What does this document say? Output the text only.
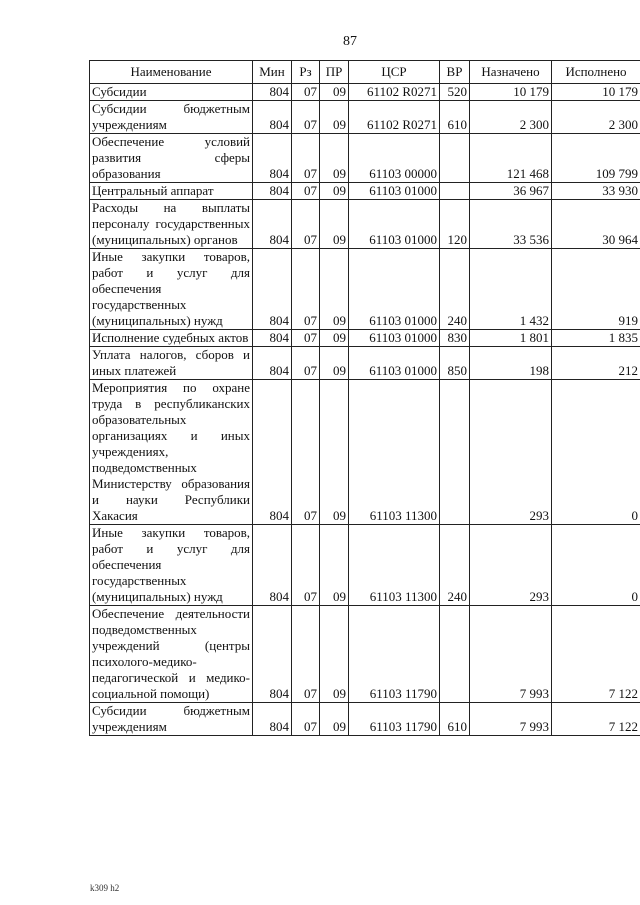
87
Наименование	Мин	Рз	ПР	ЦСР	ВР	Назначено	Исполнено
Субсидии	804	07	09	61102 R0271	520	10 179	10 179
Субсидии бюджетным учреждениям	804	07	09	61102 R0271	610	2 300	2 300
Обеспечение условий развития сферы образования	804	07	09	61103 00000		121 468	109 799
Центральный аппарат	804	07	09	61103 01000		36 967	33 930
Расходы на выплаты персоналу государственных (муниципальных) органов	804	07	09	61103 01000	120	33 536	30 964
Иные закупки товаров, работ и услуг для обеспечения государственных (муниципальных) нужд	804	07	09	61103 01000	240	1 432	919
Исполнение судебных актов	804	07	09	61103 01000	830	1 801	1 835
Уплата налогов, сборов и иных платежей	804	07	09	61103 01000	850	198	212
Мероприятия по охране труда в республиканских образовательных организациях и иных учреждениях, подведомственных Министерству образования и науки Республики Хакасия	804	07	09	61103 11300		293	0
Иные закупки товаров, работ и услуг для обеспечения государственных (муниципальных) нужд	804	07	09	61103 11300	240	293	0
Обеспечение деятельности подведомственных учреждений (центры психолого-медико-педагогической и медико-социальной помощи)	804	07	09	61103 11790		7 993	7 122
Субсидии бюджетным учреждениям	804	07	09	61103 11790	610	7 993	7 122
k309 h2
